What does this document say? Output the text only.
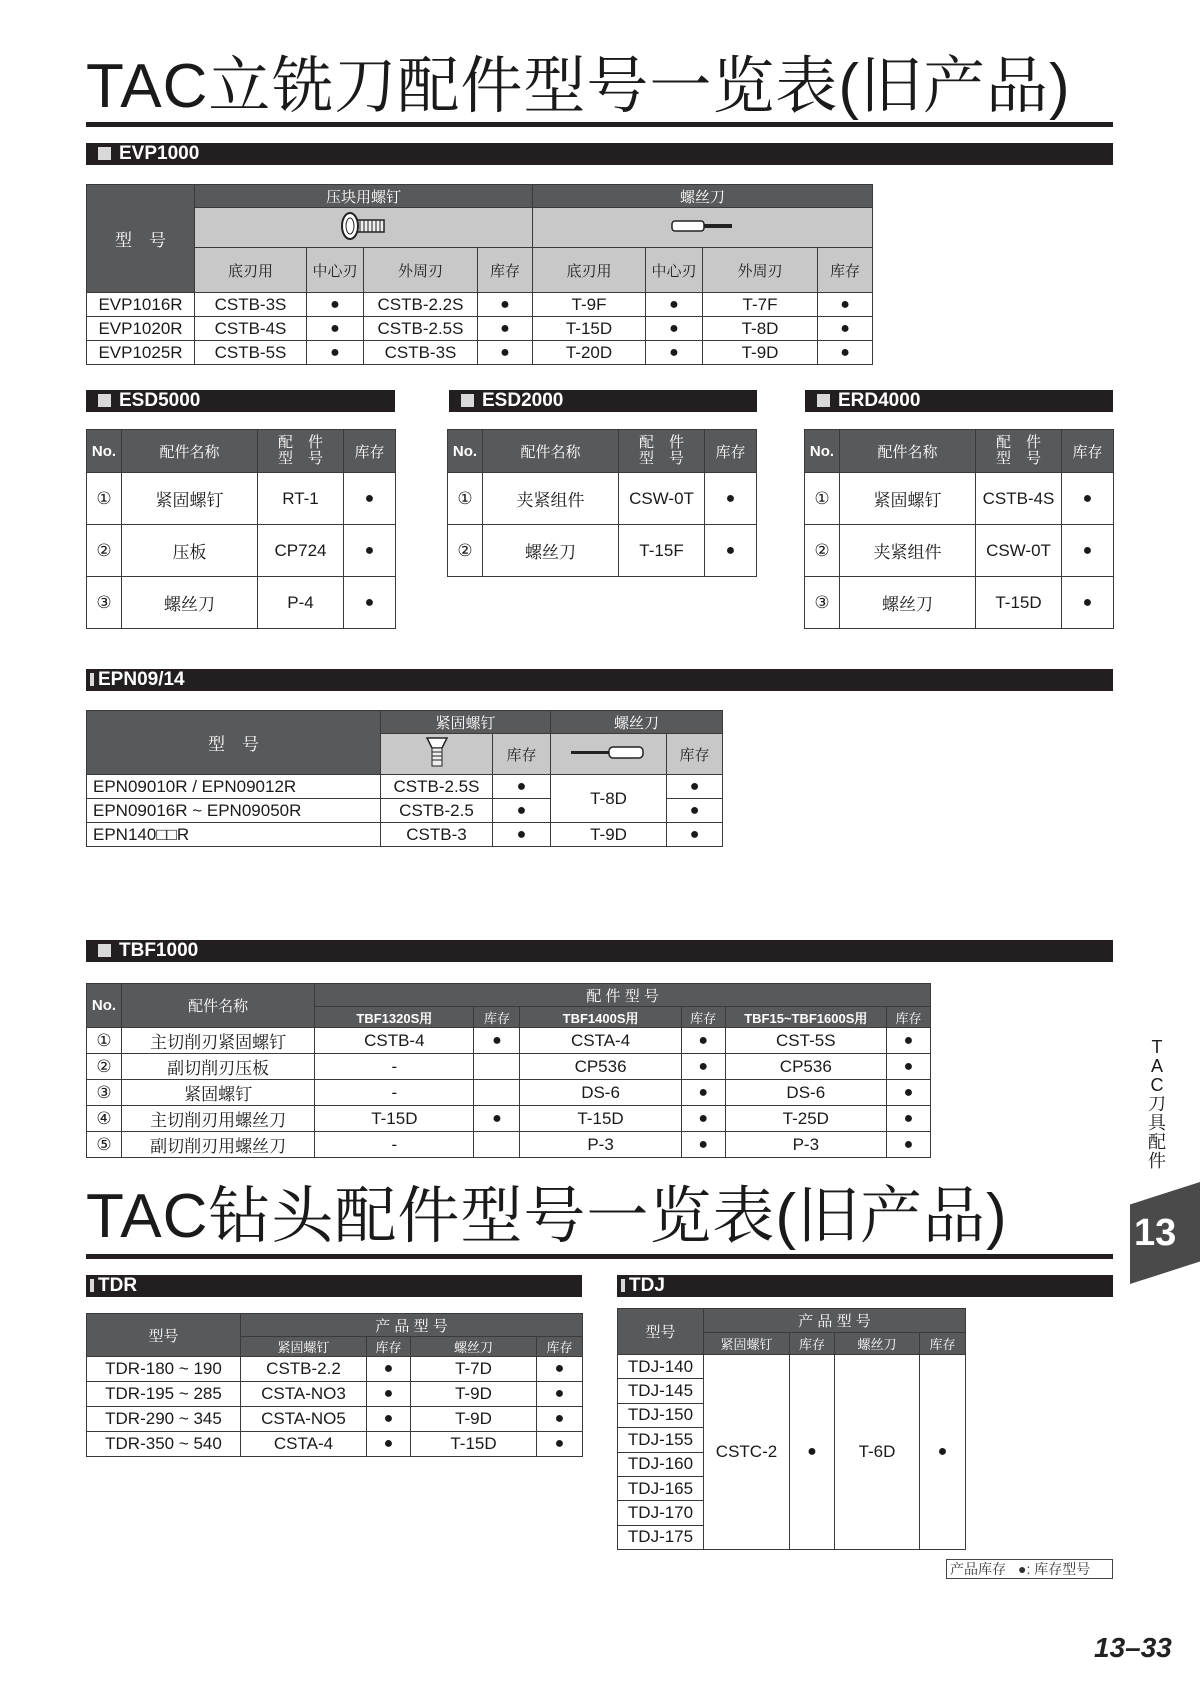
TAC立铣刀配件型号一览表(旧产品)
EVP1000
型　号	压块用螺钉				螺丝刀			

	底刃用	中心刃	外周刃	库存	底刃用	中心刃	外周刃	库存
EVP1016R	CSTB-3S	●	CSTB-2.2S	●	T-9F	●	T-7F	●
EVP1020R	CSTB-4S	●	CSTB-2.5S	●	T-15D	●	T-8D	●
EVP1025R	CSTB-5S	●	CSTB-3S	●	T-20D	●	T-9D	●
ESD5000	ESD2000	ERD4000
No.	配件名称	配　件
型　号	库存
①	紧固螺钉	RT-1	●
②	压板	CP724	●
③	螺丝刀	P-4	●
No.	配件名称	配　件
型　号	库存
①	夹紧组件	CSW-0T	●
②	螺丝刀	T-15F	●
No.	配件名称	配　件
型　号	库存
①	紧固螺钉	CSTB-4S	●
②	夹紧组件	CSW-0T	●
③	螺丝刀	T-15D	●
EPN09/14
型　号	紧固螺钉		螺丝刀	
	库存		库存
EPN09010R / EPN09012R	CSTB-2.5S	●	T-8D	●
EPN09016R ~ EPN09050R	CSTB-2.5	●		●
EPN140□□R	CSTB-3	●	T-9D	●
TBF1000
No.	配件名称	配 件 型 号					
		TBF1320S用	库存	TBF1400S用	库存	TBF15~TBF1600S用	库存
①	主切削刃紧固螺钉	CSTB-4	●	CSTA-4	●	CST-5S	●
②	副切削刃压板	-		CP536	●	CP536	●
③	紧固螺钉	-		DS-6	●	DS-6	●
④	主切削刃用螺丝刀	T-15D	●	T-15D	●	T-25D	●
⑤	副切削刃用螺丝刀	-		P-3	●	P-3	●
TAC钻头配件型号一览表(旧产品)
TDR	TDJ
型号	产 品 型 号			
	紧固螺钉	库存	螺丝刀	库存
TDR-180 ~ 190	CSTB-2.2	●	T-7D	●
TDR-195 ~ 285	CSTA-NO3	●	T-9D	●
TDR-290 ~ 345	CSTA-NO5	●	T-9D	●
TDR-350 ~ 540	CSTA-4	●	T-15D	●
型号	产 品 型 号			
	紧固螺钉	库存	螺丝刀	库存
TDJ-140	CSTC-2	●	T-6D	●
TDJ-145				
TDJ-150				
TDJ-155				
TDJ-160				
TDJ-165				
TDJ-170				
TDJ-175				
产品库存 ●: 库存型号
T
A
C
刀
具
配
件
13
13–33
